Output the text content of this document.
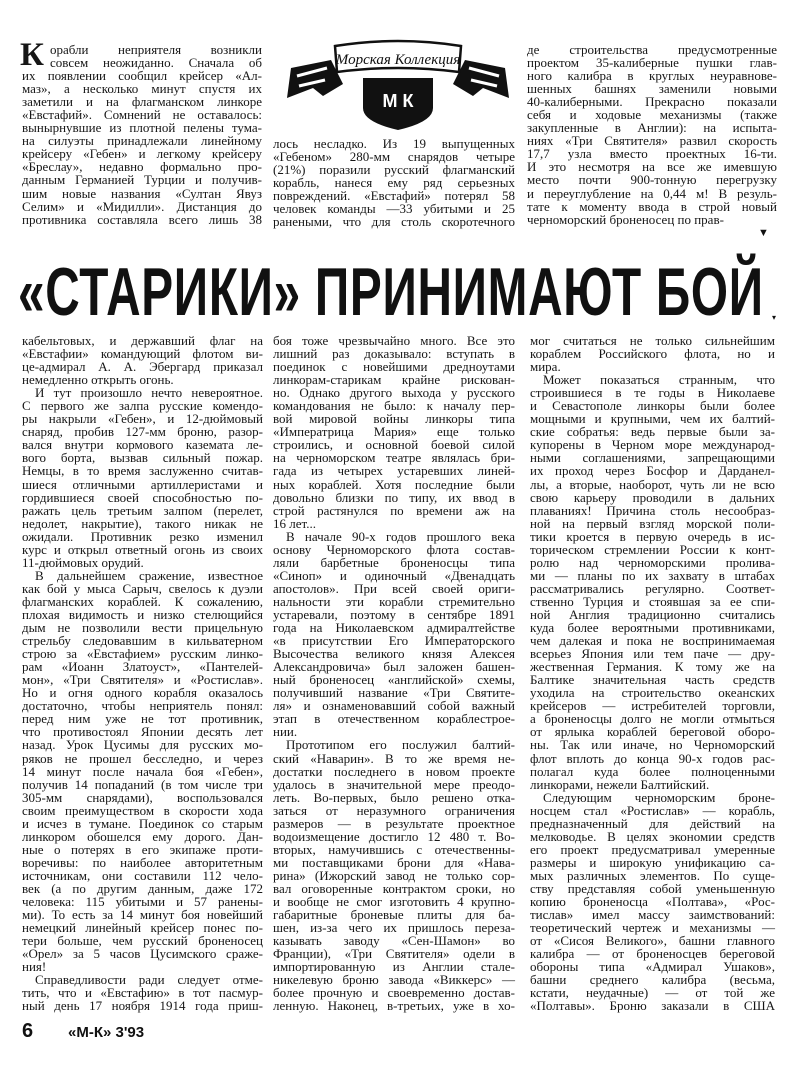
Морская Коллекция
М К
К орабли неприятеля возникли
совсем неожиданно. Сначала об
их появлении сообщил крейсер «Ал-
маз», а несколько минут спустя их
заметили и на флагманском линкоре
«Евстафий». Сомнений не оставалось:
вынырнувшие из плотной пелены тума-
на силуэты принадлежали линейному
крейсеру «Гебен» и легкому крейсеру
«Бреслау», недавно формально про-
данным Германией Турции и получив-
шим новые названия «Султан Явуз
Селим» и «Мидилли». Дистанция до
противника составляла всего лишь 38
лось несладко. Из 19 выпущенных
«Гебеном» 280-мм снарядов четыре
(21%) поразили русский флагманский
корабль, нанеся ему ряд серьезных
повреждений. «Евстафий» потерял 58
человек команды —33 убитыми и 25
ранеными, что для столь скоротечного
де строительства предусмотренные
проектом 35-калиберные пушки глав-
ного калибра в круглых неуравнове-
шенных башнях заменили новыми
40-калиберными. Прекрасно показали
себя и ходовые механизмы (также
закупленные в Англии): на испыта-
ниях «Три Святителя» развил скорость
17,7 узла вместо проектных 16-ти.
И это несмотря на все же имевшую
место почти 900-тонную перегрузку
и переуглубление на 0,44 м! В резуль-
тате к моменту ввода в строй новый
черноморский броненосец по прав-
▼
«СТАРИКИ» ПРИНИМАЮТ БОЙ ▾
кабельтовых, и державший флаг на
«Евстафии» командующий флотом ви-
це-адмирал А. А. Эбергард приказал
немедленно открыть огонь.
И тут произошло нечто невероятное.
С первого же залпа русские комендо-
ры накрыли «Гебен», и 12-дюймовый
снаряд, пробив 127-мм броню, разор-
вался внутри кормового каземата ле-
вого борта, вызвав сильный пожар.
Немцы, в то время заслуженно считав-
шиеся отличными артиллеристами и
гордившиеся своей способностью по-
ражать цель третьим залпом (перелет,
недолет, накрытие), такого никак не
ожидали. Противник резко изменил
курс и открыл ответный огонь из своих
11-дюймовых орудий.
В дальнейшем сражение, известное
как бой у мыса Сарыч, свелось к дуэли
флагманских кораблей. К сожалению,
плохая видимость и низко стелющийся
дым не позволили вести прицельную
стрельбу следовавшим в кильватерном
строю за «Евстафием» русским линко-
рам «Иоанн Златоуст», «Пантелей-
мон», «Три Святителя» и «Ростислав».
Но и огня одного корабля оказалось
достаточно, чтобы неприятель понял:
перед ним уже не тот противник,
что противостоял Японии десять лет
назад. Урок Цусимы для русских мо-
ряков не прошел бесследно, и через
14 минут после начала боя «Гебен»,
получив 14 попаданий (в том числе три
305-мм снарядами), воспользовался
своим преимуществом в скорости хода
и исчез в тумане. Поединок со старым
линкором обошелся ему дорого. Дан-
ные о потерях в его экипаже проти-
воречивы: по наиболее авторитетным
источникам, они составили 112 чело-
век (а по другим данным, даже 172
человека: 115 убитыми и 57 ранены-
ми). То есть за 14 минут боя новейший
немецкий линейный крейсер понес по-
тери больше, чем русский броненосец
«Орел» за 5 часов Цусимского сраже-
ния!
Справедливости ради следует отме-
тить, что и «Евстафию» в тот пасмур-
ный день 17 ноября 1914 года приш-
боя тоже чрезвычайно много. Все это
лишний раз доказывало: вступать в
поединок с новейшими дредноутами
линкорам-старикам крайне рискован-
но. Однако другого выхода у русского
командования не было: к началу пер-
вой мировой войны линкоры типа
«Императрица Мария» еще только
строились, и основной боевой силой
на черноморском театре являлась бри-
гада из четырех устаревших линей-
ных кораблей. Хотя последние были
довольно близки по типу, их ввод в
строй растянулся по времени аж на
16 лет...
В начале 90-х годов прошлого века
основу Черноморского флота состав-
ляли барбетные броненосцы типа
«Синоп» и одиночный «Двенадцать
апостолов». При всей своей ориги-
нальности эти корабли стремительно
устаревали, поэтому в сентябре 1891
года на Николаевском адмиралтействе
«в присутствии Его Императорского
Высочества великого князя Алексея
Александровича» был заложен башен-
ный броненосец «английской» схемы,
получивший название «Три Святите-
ля» и ознаменовавший собой важный
этап в отечественном кораблестрое-
нии.
Прототипом его послужил балтий-
ский «Наварин». В то же время не-
достатки последнего в новом проекте
удалось в значительной мере преодо-
леть. Во-первых, было решено отка-
заться от неразумного ограничения
размеров — в результате проектное
водоизмещение достигло 12 480 т. Во-
вторых, намучившись с отечественны-
ми поставщиками брони для «Нава-
рина» (Ижорский завод не только сор-
вал оговоренные контрактом сроки, но
и вообще не смог изготовить 4 крупно-
габаритные броневые плиты для ба-
шен, из-за чего их пришлось переза-
казывать заводу «Сен-Шамон» во
Франции), «Три Святителя» одели в
импортированную из Англии стале-
никелевую броню завода «Виккерс» —
более прочную и своевременно достав-
ленную. Наконец, в-третьих, уже в хо-
мог считаться не только сильнейшим
кораблем Российского флота, но и
мира.
Может показаться странным, что
строившиеся в те годы в Николаеве
и Севастополе линкоры были более
мощными и крупными, чем их балтий-
ские собратья: ведь первые были за-
купорены в Черном море международ-
ными соглашениями, запрещающими
их проход через Босфор и Дарданел-
лы, а вторые, наоборот, чуть ли не всю
свою карьеру проводили в дальних
плаваниях! Причина столь несообраз-
ной на первый взгляд морской поли-
тики кроется в первую очередь в ис-
торическом стремлении России к конт-
ролю над черноморскими пролива-
ми — планы по их захвату в штабах
рассматривались регулярно. Соответ-
ственно Турция и стоявшая за ее спи-
ной Англия традиционно считались
куда более вероятными противниками,
чем далекая и пока не воспринимаемая
всерьез Япония или тем паче — дру-
жественная Германия. К тому же на
Балтике значительная часть средств
уходила на строительство океанских
крейсеров — истребителей торговли,
а броненосцы долго не могли отмыться
от ярлыка кораблей береговой оборо-
ны. Так или иначе, но Черноморский
флот вплоть до конца 90-х годов рас-
полагал куда более полноценными
линкорами, нежели Балтийский.
Следующим черноморским броне-
носцем стал «Ростислав» — корабль,
предназначенный для действий на
мелководье. В целях экономии средств
его проект предусматривал умеренные
размеры и широкую унификацию са-
мых различных элементов. По суще-
ству представляя собой уменьшенную
копию броненосца «Полтава», «Рос-
тислав» имел массу заимствований:
теоретический чертеж и механизмы —
от «Сисоя Великого», башни главного
калибра — от броненосцев береговой
обороны типа «Адмирал Ушаков»,
башни среднего калибра (весьма,
кстати, неудачные) — от той же
«Полтавы». Броню заказали в США
6 «М-К» 3'93
